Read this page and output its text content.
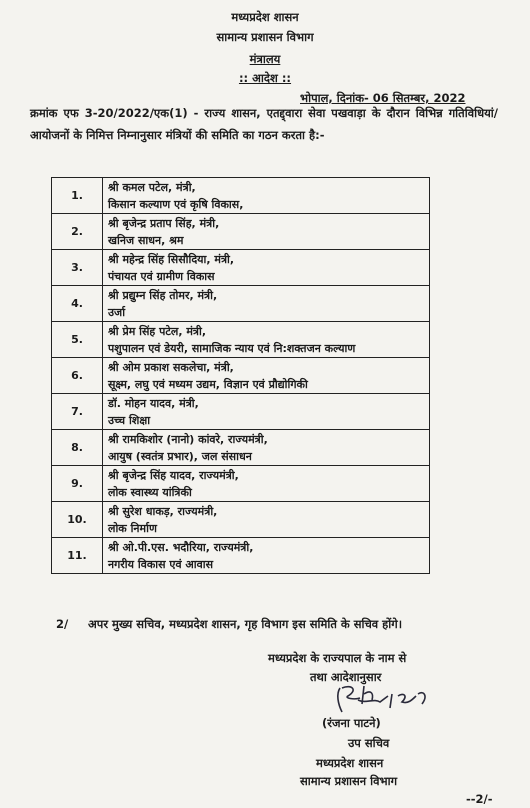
मध्यप्रदेश शासन
सामान्य प्रशासन विभाग
मंत्रालय
:: आदेश ::
भोपाल, दिनांक- 06 सितम्बर, 2022
क्रमांक एफ 3-20/2022/एक(1) - राज्य शासन, एतद्द्वारा सेवा पखवाड़ा के दौरान विभिन्न गतिविधियां/आयोजनों के निमित्त निम्नानुसार मंत्रियों की समिति का गठन करता है:-
1.	श्री कमल पटेल, मंत्री,
किसान कल्याण एवं कृषि विकास,

2.	श्री बृजेन्द्र प्रताप सिंह, मंत्री,
खनिज साधन, श्रम

3.	श्री महेन्द्र सिंह सिसौदिया, मंत्री,
पंचायत एवं ग्रामीण विकास

4.	श्री प्रद्युम्न सिंह तोमर, मंत्री,
उर्जा

5.	श्री प्रेम सिंह पटेल, मंत्री,
पशुपालन एवं डेयरी, सामाजिक न्याय एवं नि:शक्तजन कल्याण

6.	श्री ओम प्रकाश सकलेचा, मंत्री,
सूक्ष्म, लघु एवं मध्यम उद्यम, विज्ञान एवं प्रौद्योगिकी

7.	डॉ. मोहन यादव, मंत्री,
उच्च शिक्षा

8.	श्री रामकिशोर (नानो) कांवरे, राज्यमंत्री,
आयुष (स्वतंत्र प्रभार), जल संसाधन

9.	श्री बृजेन्द्र सिंह यादव, राज्यमंत्री,
लोक स्वास्थ्य यांत्रिकी

10.	श्री सुरेश धाकड़, राज्यमंत्री,
लोक निर्माण

11.	श्री ओ.पी.एस. भदौरिया, राज्यमंत्री,
नगरीय विकास एवं आवास
2/ अपर मुख्य सचिव, मध्यप्रदेश शासन, गृह विभाग इस समिति के सचिव होंगे।
मध्यप्रदेश के राज्यपाल के नाम से
तथा आदेशानुसार
(रंजना पाटने)
उप सचिव
मध्यप्रदेश शासन
सामान्य प्रशासन विभाग
--2/-
